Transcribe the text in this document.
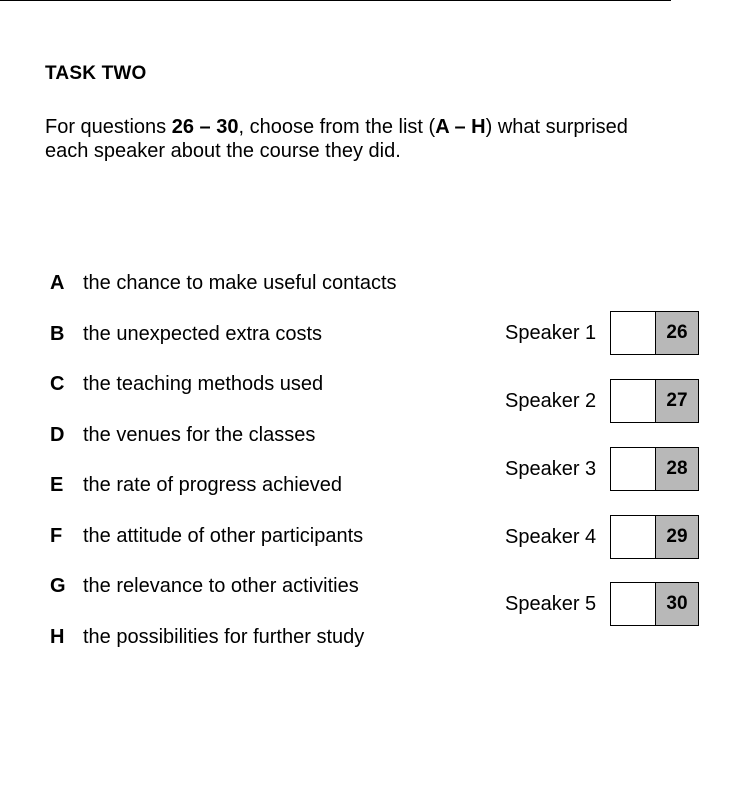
TASK TWO
For questions 26 – 30, choose from the list (A – H) what surprised
each speaker about the course they did.
A the chance to make useful contacts
B the unexpected extra costs
C the teaching methods used
D the venues for the classes
E the rate of progress achieved
F	the attitude of other participants
G the relevance to other activities
H the possibilities for further study
Speaker 1	26
Speaker 2	27
Speaker 3	28
Speaker 4	29
Speaker 5	30
